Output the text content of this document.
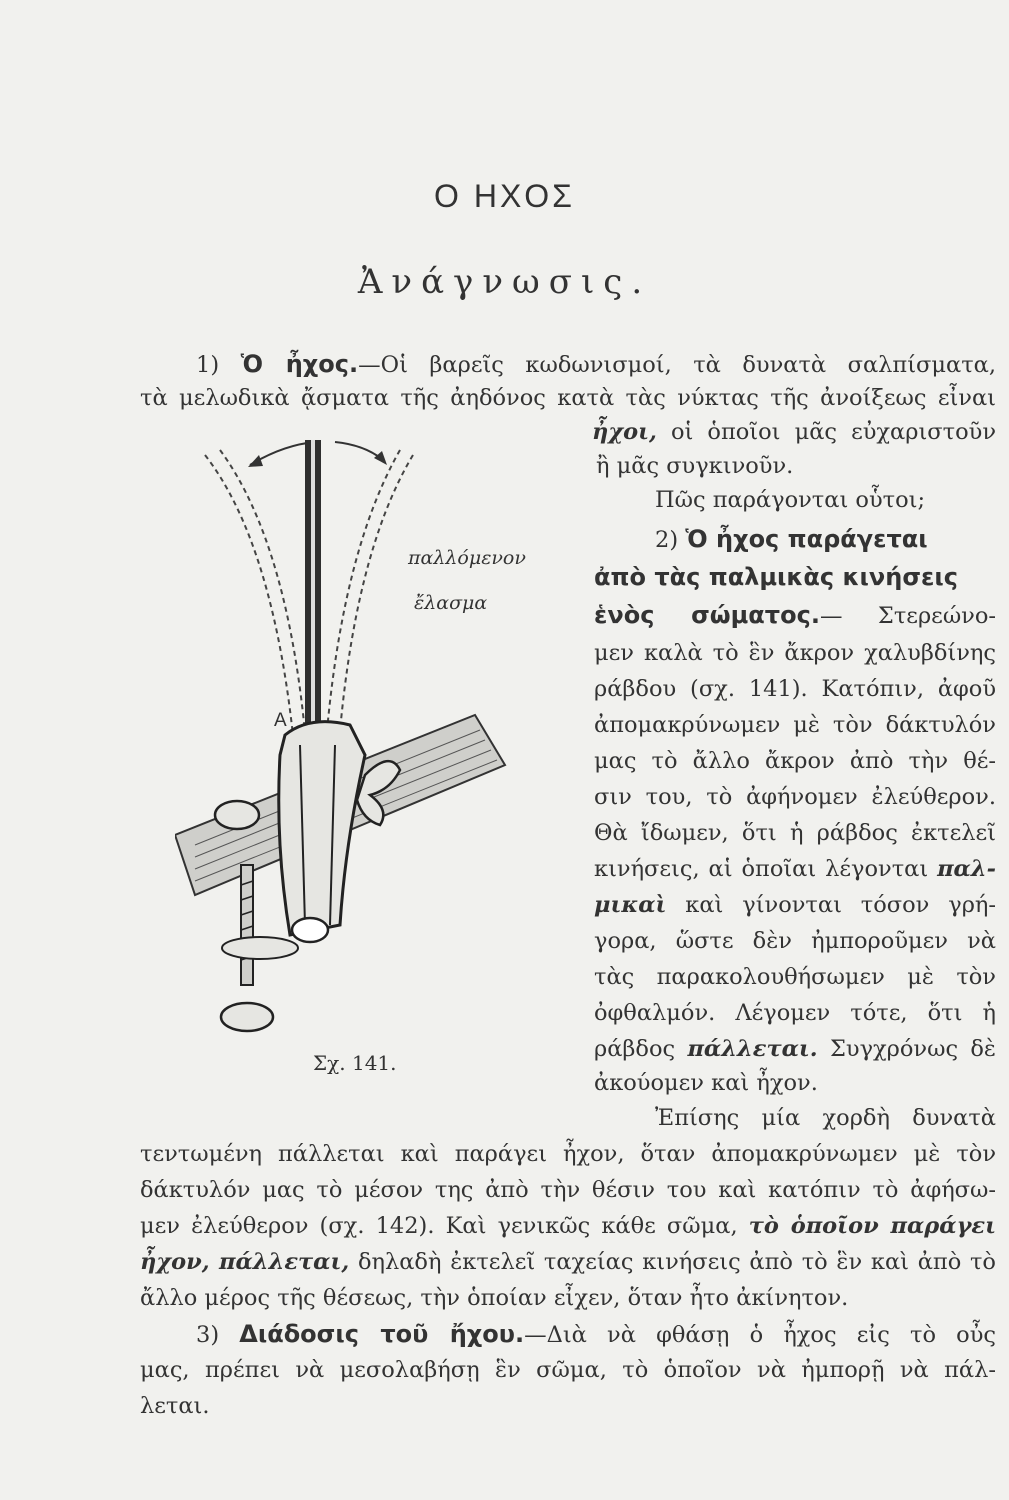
Ο ΗΧΟΣ
Ἀνάγνωσις.
1) Ὁ ἦχος.—Οἱ βαρεῖς κωδωνισμοί, τὰ δυνατὰ σαλπίσματα,
τὰ μελωδικὰ ᾄσματα τῆς ἀηδόνος κατὰ τὰς νύκτας τῆς ἀνοίξεως εἶναι
ἦχοι, οἱ ὁποῖοι μᾶς εὐχαριστοῦν
ἢ μᾶς συγκινοῦν.
Πῶς παράγονται οὗτοι;
2) Ὁ ἦχος παράγεται
ἀπὸ τὰς παλμικὰς κινήσεις
ἑνὸς σώματος.— Στερεώνο-
μεν καλὰ τὸ ἓν ἄκρον χαλυβδίνης
ράβδου (σχ. 141). Κατόπιν, ἀφοῦ
ἀπομακρύνωμεν μὲ τὸν δάκτυλόν
μας τὸ ἄλλο ἄκρον ἀπὸ τὴν θέ-
σιν του, τὸ ἀφήνομεν ἐλεύθερον.
Θὰ ἴδωμεν, ὅτι ἡ ράβδος ἐκτελεῖ
κινήσεις, αἱ ὁποῖαι λέγονται παλ-
μικαὶ καὶ γίνονται τόσον γρή-
γορα, ὥστε δὲν ἠμποροῦμεν νὰ
τὰς παρακολουθήσωμεν μὲ τὸν
ὀφθαλμόν. Λέγομεν τότε, ὅτι ἡ
ράβδος πάλλεται. Συγχρόνως δὲ
ἀκούομεν καὶ ἦχον.
Ἐπίσης μία χορδὴ δυνατὰ
τεντωμένη πάλλεται καὶ παράγει ἦχον, ὅταν ἀπομακρύνωμεν μὲ τὸν
δάκτυλόν μας τὸ μέσον της ἀπὸ τὴν θέσιν του καὶ κατόπιν τὸ ἀφήσω-
μεν ἐλεύθερον (σχ. 142). Καὶ γενικῶς κάθε σῶμα, τὸ ὁποῖον παράγει
ἦχον, πάλλεται, δηλαδὴ ἐκτελεῖ ταχείας κινήσεις ἀπὸ τὸ ἓν καὶ ἀπὸ τὸ
ἄλλο μέρος τῆς θέσεως, τὴν ὁποίαν εἶχεν, ὅταν ἦτο ἀκίνητον.
3) Διάδοσις τοῦ ἤχου.—Διὰ νὰ φθάσῃ ὁ ἦχος εἰς τὸ οὖς
μας, πρέπει νὰ μεσολαβήσῃ ἓν σῶμα, τὸ ὁποῖον νὰ ἠμπορῇ νὰ πάλ-
λεται.
παλλόμενον
ἔλασμα
A
Σχ. 141.
